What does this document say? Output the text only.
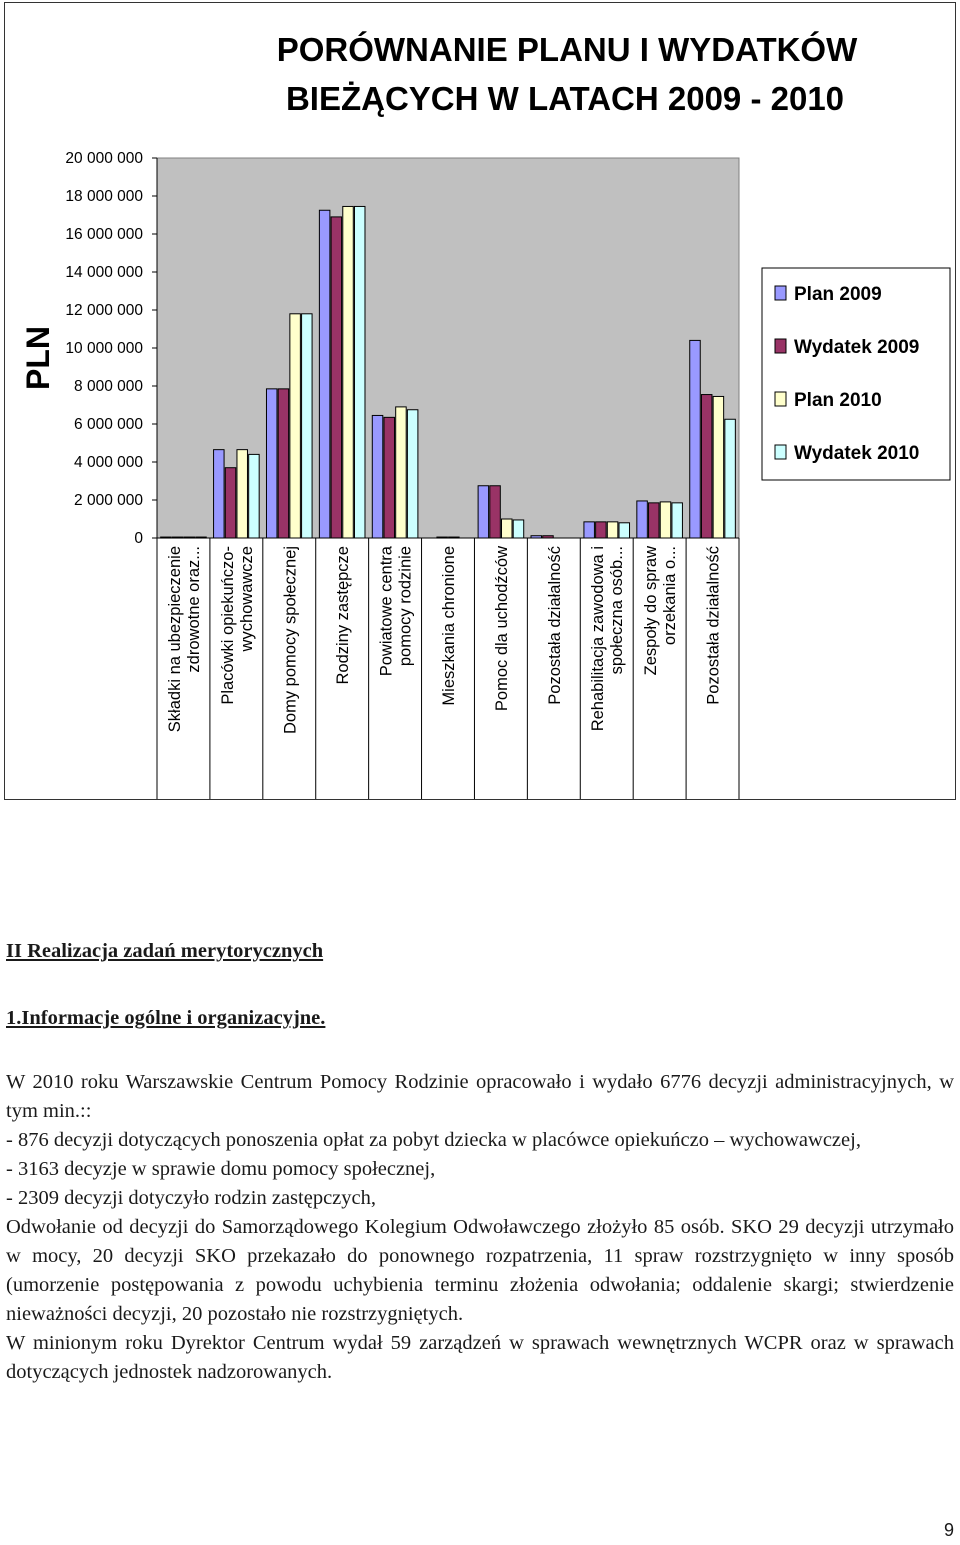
PORÓWNANIE PLANU I WYDATKÓW
BIEŻĄCYCH W LATACH 2009 - 2010
0
2 000 000
4 000 000
6 000 000
8 000 000
10 000 000
12 000 000
14 000 000
16 000 000
18 000 000
20 000 000
PLN
Składki na ubezpieczenie zdrowotne oraz... Placówki opiekuńczo- wychowawcze Domy pomocy społecznej Rodziny zastępcze Powiatowe centra pomocy rodzinie Mieszkania chronione Pomoc dla uchodźców Pozostała działalność Rehabilitacja zawodowa i społeczna osób... Zespoły do spraw orzekania o... Pozostała działalność
Plan 2009
Wydatek 2009
Plan 2010
Wydatek 2010
II Realizacja zadań merytorycznych
1.Informacje ogólne i organizacyjne.

W 2010 roku Warszawskie Centrum Pomocy Rodzinie opracowało i wydało 6776 decyzji administracyjnych, w tym min.::

- 876 decyzji dotyczących ponoszenia opłat za pobyt dziecka w placówce opiekuńczo – wychowawczej,

- 3163 decyzje w sprawie domu pomocy społecznej,

- 2309 decyzji dotyczyło rodzin zastępczych,

Odwołanie od decyzji do Samorządowego Kolegium Odwoławczego złożyło 85 osób. SKO 29 decyzji utrzymało w mocy, 20 decyzji SKO przekazało do ponownego rozpatrzenia, 11 spraw rozstrzygnięto w inny sposób (umorzenie postępowania z powodu uchybienia terminu złożenia odwołania; oddalenie skargi; stwierdzenie nieważności decyzji, 20 pozostało nie rozstrzygniętych.

W minionym roku Dyrektor Centrum wydał 59 zarządzeń w sprawach wewnętrznych WCPR oraz w sprawach dotyczących jednostek nadzorowanych.

9
